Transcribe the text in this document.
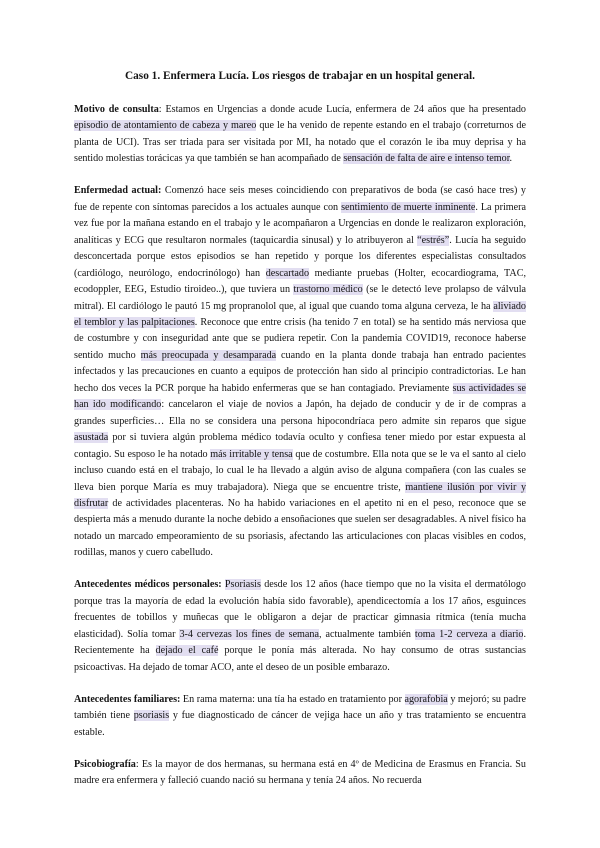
Caso 1. Enfermera Lucía. Los riesgos de trabajar en un hospital general.

Motivo de consulta: Estamos en Urgencias a donde acude Lucía, enfermera de 24 años que ha presentado episodio de atontamiento de cabeza y mareo que le ha venido de repente estando en el trabajo (correturnos de planta de UCI). Tras ser triada para ser visitada por MI, ha notado que el corazón le iba muy deprisa y ha sentido molestias torácicas ya que también se han acompañado de sensación de falta de aire e intenso temor.

Enfermedad actual: Comenzó hace seis meses coincidiendo con preparativos de boda (se casó hace tres) y fue de repente con síntomas parecidos a los actuales aunque con sentimiento de muerte inminente. La primera vez fue por la mañana estando en el trabajo y le acompañaron a Urgencias en donde le realizaron exploración, analíticas y ECG que resultaron normales (taquicardia sinusal) y lo atribuyeron al “estrés”. Lucía ha seguido desconcertada porque estos episodios se han repetido y porque los diferentes especialistas consultados (cardiólogo, neurólogo, endocrinólogo) han descartado mediante pruebas (Holter, ecocardiograma, TAC, ecodoppler, EEG, Estudio tiroideo..), que tuviera un trastorno médico (se le detectó leve prolapso de válvula mitral). El cardiólogo le pautó 15 mg propranolol que, al igual que cuando toma alguna cerveza, le ha aliviado el temblor y las palpitaciones. Reconoce que entre crisis (ha tenido 7 en total) se ha sentido más nerviosa que de costumbre y con inseguridad ante que se pudiera repetir. Con la pandemia COVID19, reconoce haberse sentido mucho más preocupada y desamparada cuando en la planta donde trabaja han entrado pacientes infectados y las precauciones en cuanto a equipos de protección han sido al principio contradictorias. Le han hecho dos veces la PCR porque ha habido enfermeras que se han contagiado. Previamente sus actividades se han ido modificando: cancelaron el viaje de novios a Japón, ha dejado de conducir y de ir de compras a grandes superficies… Ella no se considera una persona hipocondríaca pero admite sin reparos que sigue asustada por si tuviera algún problema médico todavía oculto y confiesa tener miedo por estar expuesta al contagio. Su esposo le ha notado más irritable y tensa que de costumbre. Ella nota que se le va el santo al cielo incluso cuando está en el trabajo, lo cual le ha llevado a algún aviso de alguna compañera (con las cuales se lleva bien porque María es muy trabajadora). Niega que se encuentre triste, mantiene ilusión por vivir y disfrutar de actividades placenteras. No ha habido variaciones en el apetito ni en el peso, reconoce que se despierta más a menudo durante la noche debido a ensoñaciones que suelen ser desagradables. A nivel físico ha notado un marcado empeoramiento de su psoriasis, afectando las articulaciones con placas visibles en codos, rodillas, manos y cuero cabelludo.

Antecedentes médicos personales: Psoriasis desde los 12 años (hace tiempo que no la visita el dermatólogo porque tras la mayoría de edad la evolución había sido favorable), apendicectomía a los 17 años, esguinces frecuentes de tobillos y muñecas que le obligaron a dejar de practicar gimnasia rítmica (tenía mucha elasticidad). Solía tomar 3-4 cervezas los fines de semana, actualmente también toma 1-2 cerveza a diario. Recientemente ha dejado el café porque le ponía más alterada. No hay consumo de otras sustancias psicoactivas. Ha dejado de tomar ACO, ante el deseo de un posible embarazo.

Antecedentes familiares: En rama materna: una tía ha estado en tratamiento por agorafobia y mejoró; su padre también tiene psoriasis y fue diagnosticado de cáncer de vejiga hace un año y tras tratamiento se encuentra estable.

Psicobiografía: Es la mayor de dos hermanas, su hermana está en 4º de Medicina de Erasmus en Francia. Su madre era enfermera y falleció cuando nació su hermana y tenía 24 años. No recuerda
